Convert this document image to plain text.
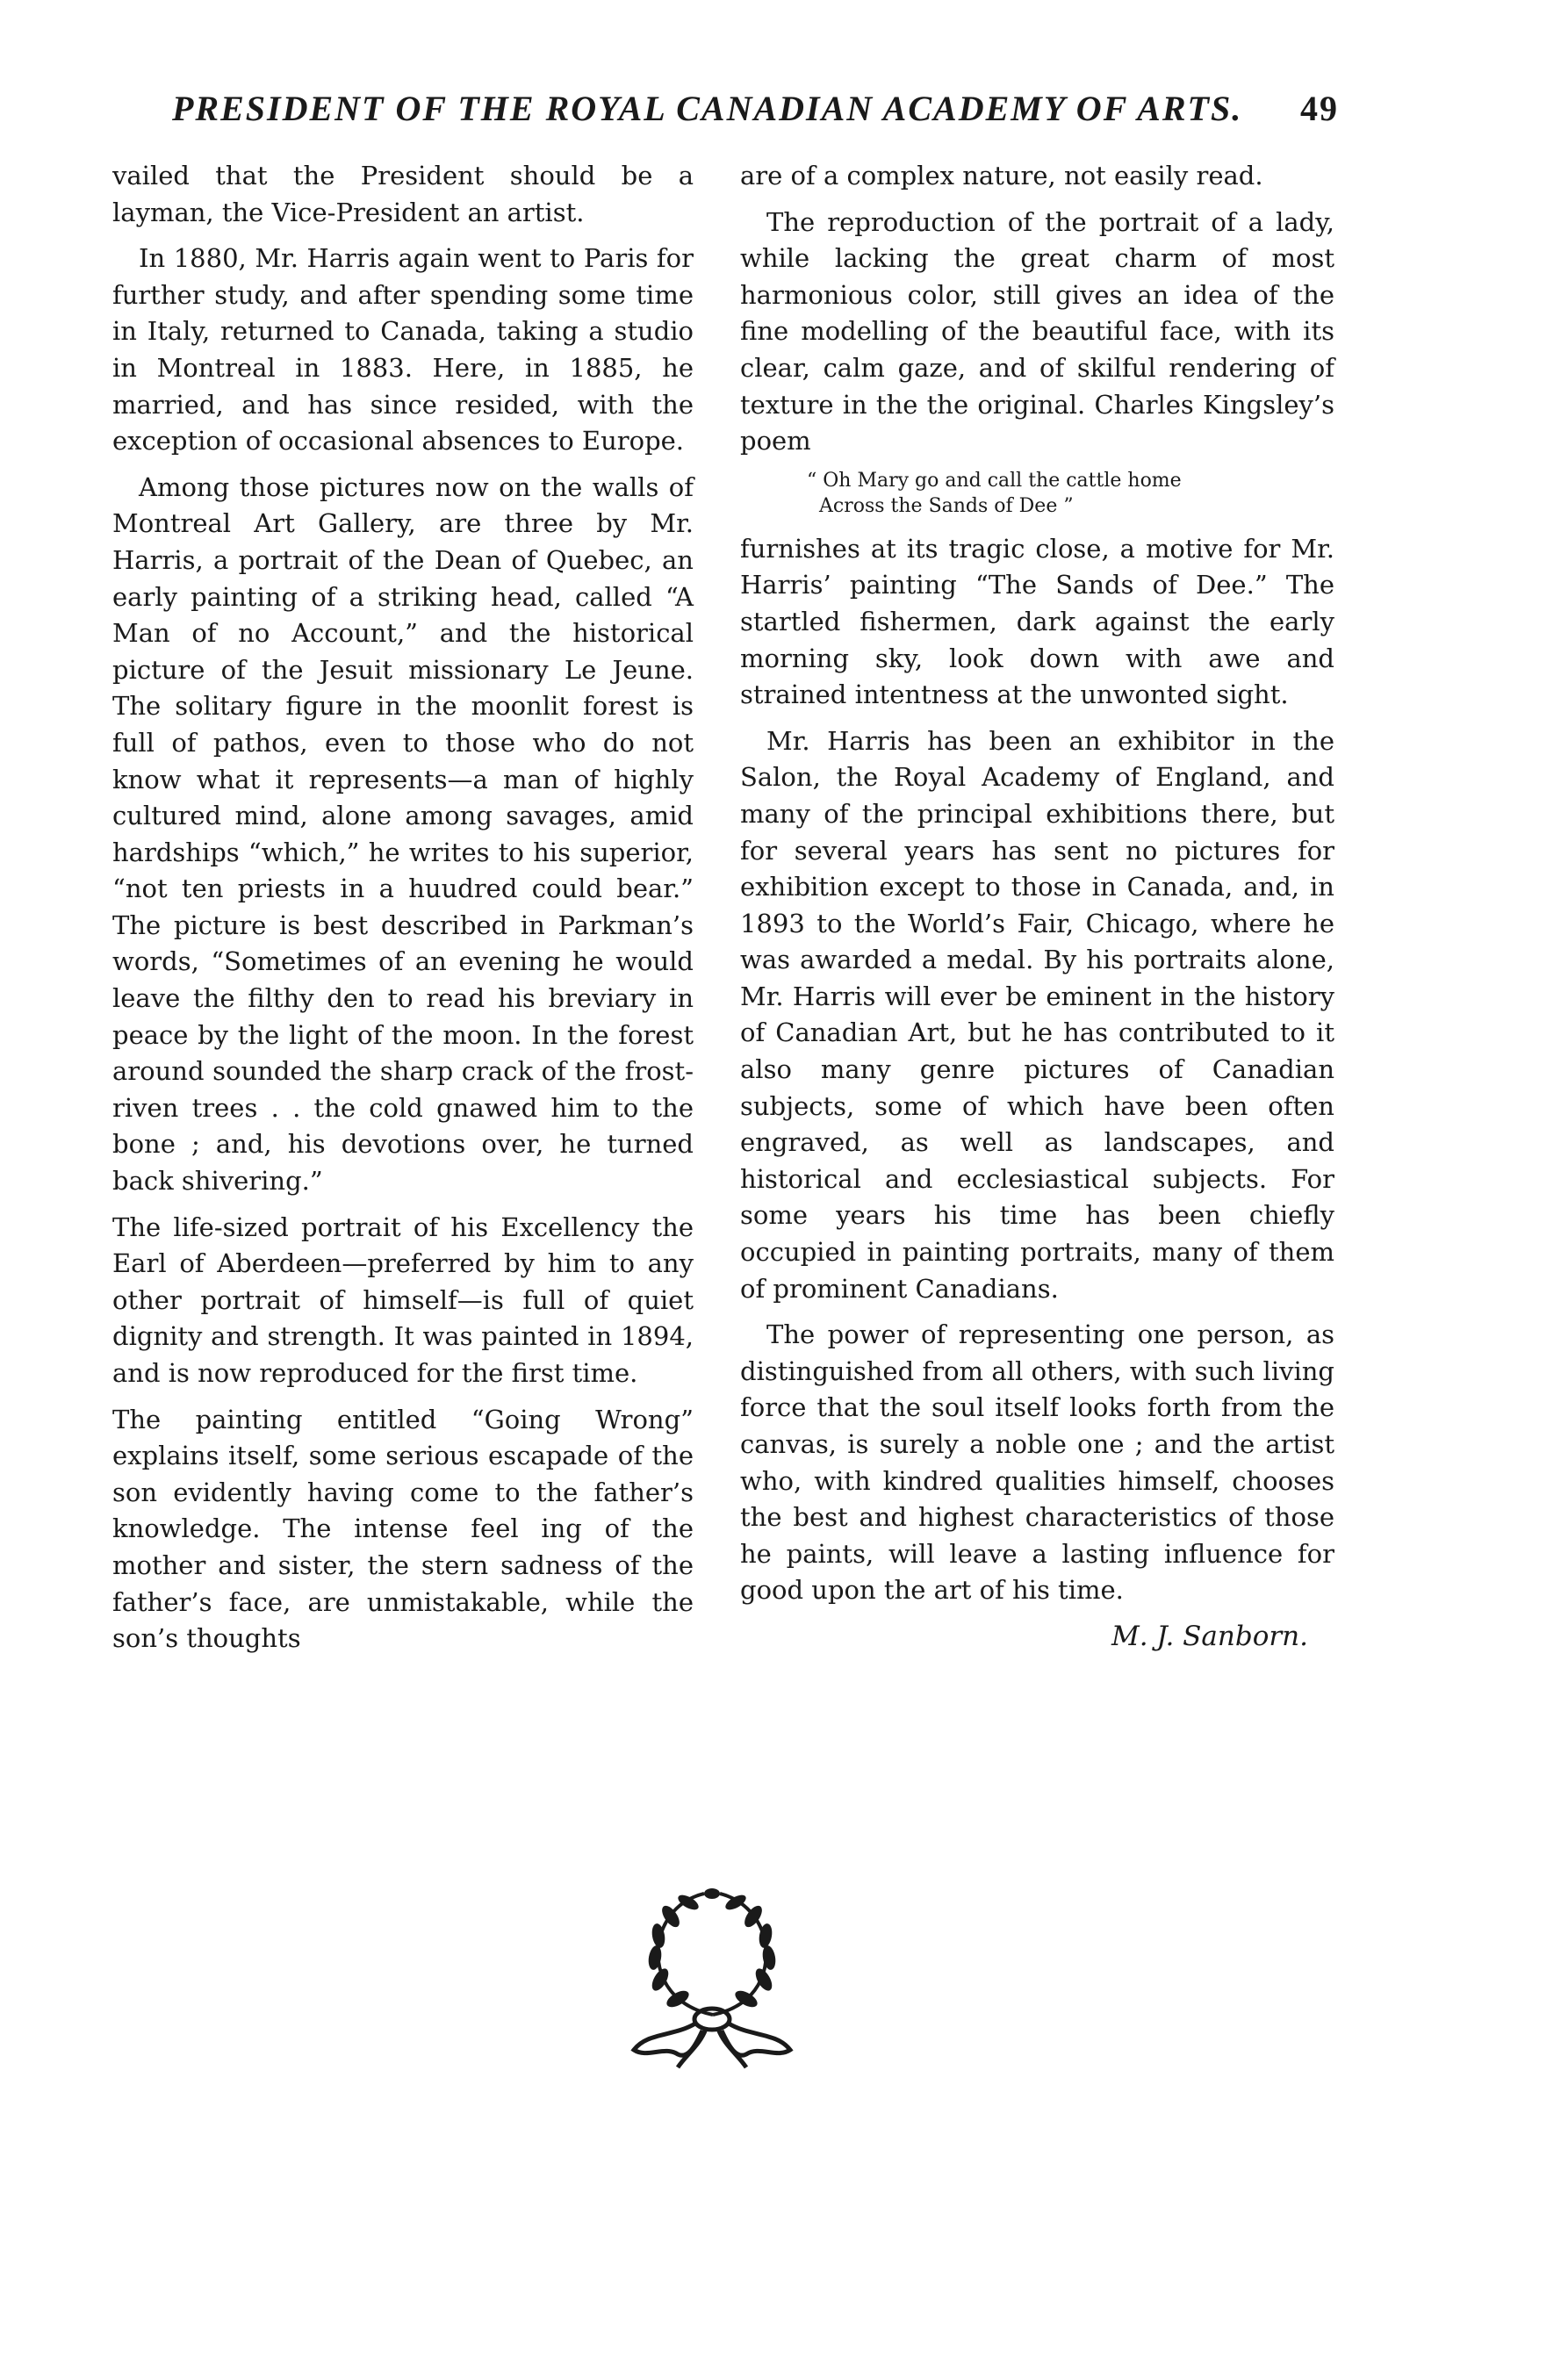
PRESIDENT OF THE ROYAL CANADIAN ACADEMY OF ARTS. 49

vailed that the President should be a layman, the Vice-President an artist.

In 1880, Mr. Harris again went to Paris for further study, and after spending some time in Italy, returned to Canada, taking a studio in Montreal in 1883. Here, in 1885, he married, and has since resided, with the exception of occasional absences to Europe.

Among those pictures now on the walls of Montreal Art Gallery, are three by Mr. Harris, a portrait of the Dean of Quebec, an early painting of a striking head, called “A Man of no Account,” and the historical picture of the Jesuit missionary Le Jeune. The solitary figure in the moonlit forest is full of pathos, even to those who do not know what it represents—a man of highly cultured mind, alone among savages, amid hardships “which,” he writes to his superior, “not ten priests in a huudred could bear.” The picture is best described in Parkman’s words, “Sometimes of an evening he would leave the filthy den to read his breviary in peace by the light of the moon. In the forest around sounded the sharp crack of the frost-riven trees . . the cold gnawed him to the bone ; and, his devotions over, he turned back shivering.”

The life-sized portrait of his Excellency the Earl of Aberdeen—preferred by him to any other portrait of himself—is full of quiet dignity and strength. It was painted in 1894, and is now reproduced for the first time.

The painting entitled “Going Wrong” explains itself, some serious escapade of the son evidently having come to the father’s knowledge. The intense feel ing of the mother and sister, the stern sadness of the father’s face, are unmistakable, while the son’s thoughts

are of a complex nature, not easily read.

The reproduction of the portrait of a lady, while lacking the great charm of most harmonious color, still gives an idea of the fine modelling of the beautiful face, with its clear, calm gaze, and of skilful rendering of texture in the the original. Charles Kingsley’s poem

“ Oh Mary go and call the cattle home
Across the Sands of Dee ”

furnishes at its tragic close, a motive for Mr. Harris’ painting “The Sands of Dee.” The startled fishermen, dark against the early morning sky, look down with awe and strained intentness at the unwonted sight.

Mr. Harris has been an exhibitor in the Salon, the Royal Academy of England, and many of the principal exhibitions there, but for several years has sent no pictures for exhibition except to those in Canada, and, in 1893 to the World’s Fair, Chicago, where he was awarded a medal. By his portraits alone, Mr. Harris will ever be eminent in the history of Canadian Art, but he has contributed to it also many genre pictures of Canadian subjects, some of which have been often engraved, as well as landscapes, and historical and ecclesiastical subjects. For some years his time has been chiefly occupied in painting portraits, many of them of prominent Canadians.

The power of representing one person, as distinguished from all others, with such living force that the soul itself looks forth from the canvas, is surely a noble one ; and the artist who, with kindred qualities himself, chooses the best and highest characteristics of those he paints, will leave a lasting influence for good upon the art of his time.

M. J. Sanborn.
